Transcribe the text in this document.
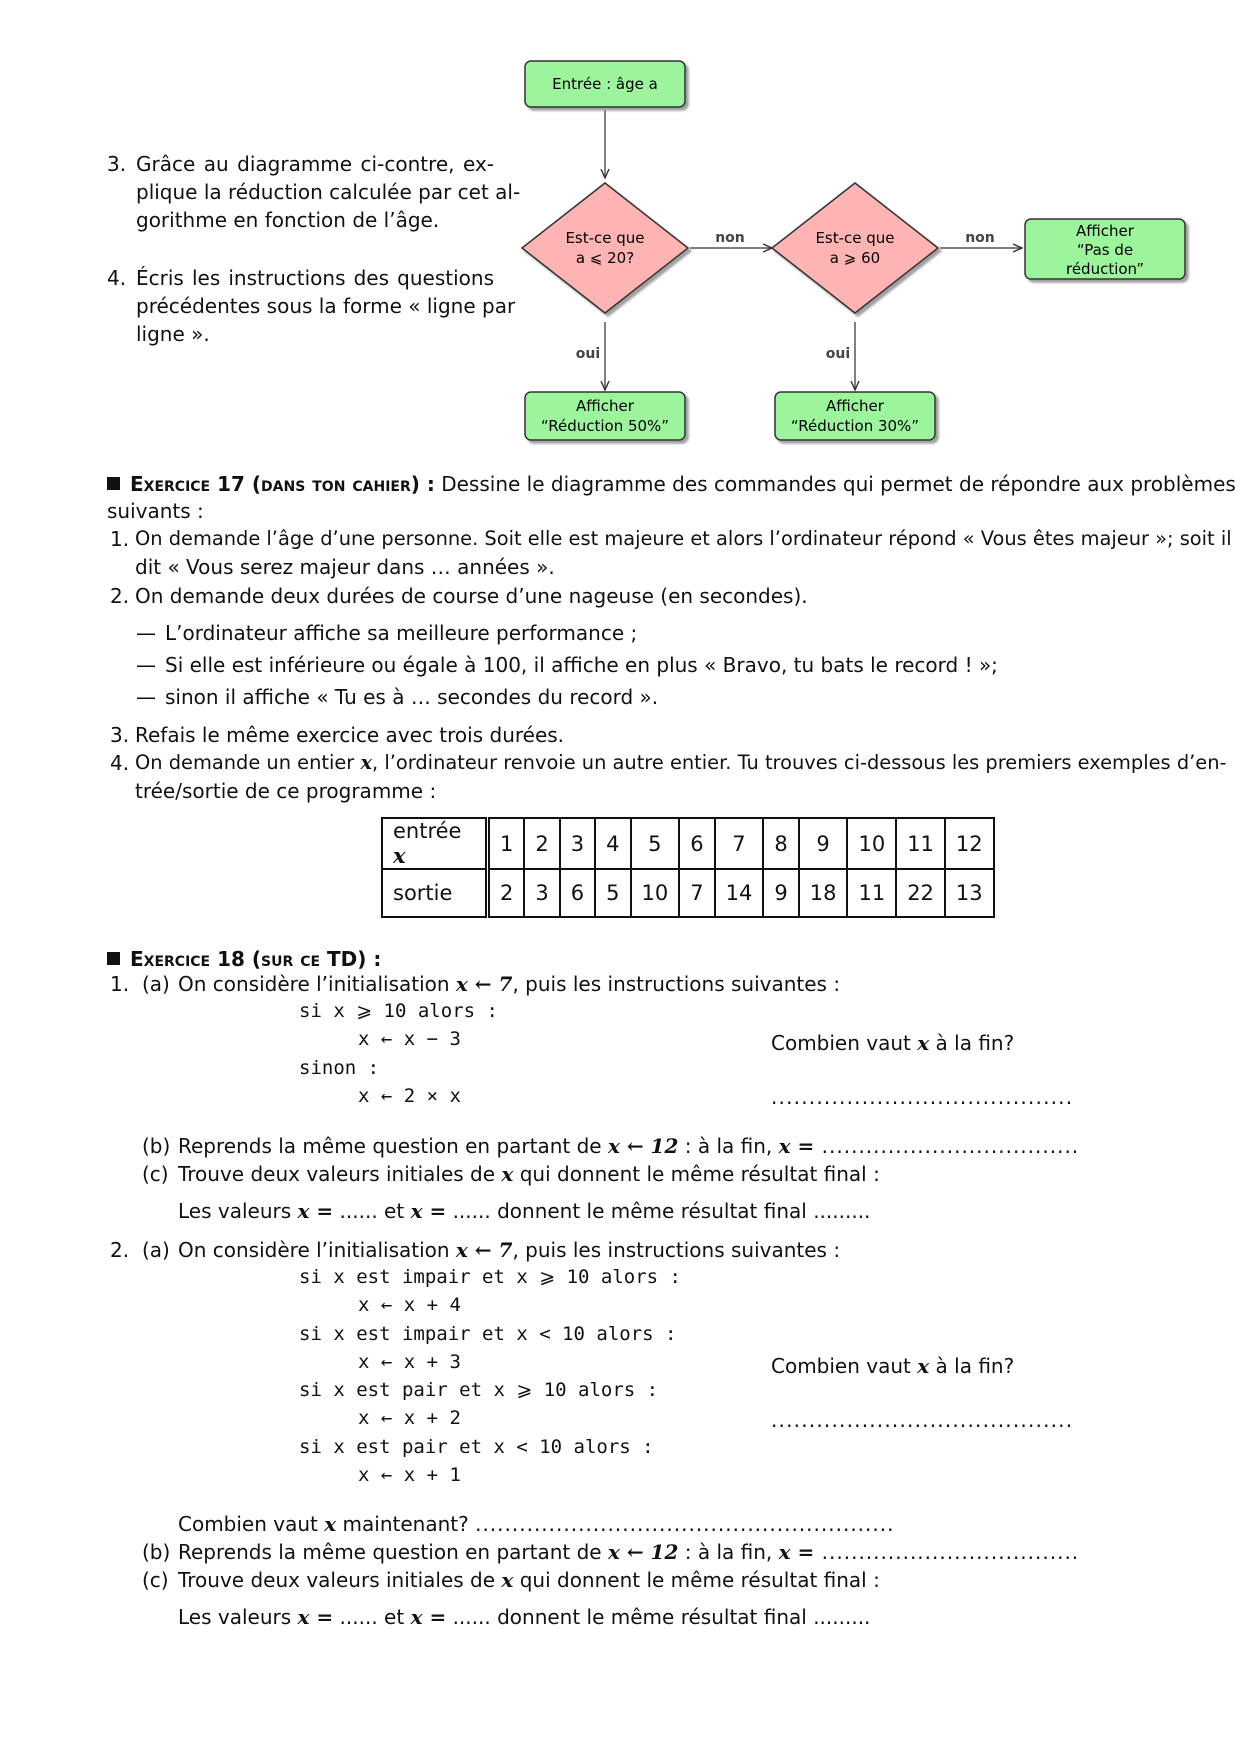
Entrée : âge a
Est-ce que
a ⩽ 20?
Est-ce que
a ⩾ 60
non	non
oui	oui
Afficher
“Pas de
réduction”
Afficher
“Réduction 50%”
Afficher
“Réduction 30%”
3. Grâce au diagramme ci-contre, ex-
plique la réduction calculée par cet al-
gorithme en fonction de l’âge.
4. Écris les instructions des questions
précédentes sous la forme « ligne par
ligne ».
Exercice 17 (dans ton cahier) : Dessine le diagramme des commandes qui permet de répondre aux problèmes
suivants :
1. On demande l’âge d’une personne. Soit elle est majeure et alors l’ordinateur répond « Vous êtes majeur »; soit il
dit « Vous serez majeur dans … années ».
2. On demande deux durées de course d’une nageuse (en secondes).
— L’ordinateur affiche sa meilleure performance ;
— Si elle est inférieure ou égale à 100, il affiche en plus « Bravo, tu bats le record ! »;
— sinon il affiche « Tu es à … secondes du record ».
3. Refais le même exercice avec trois durées.
4. On demande un entier x, l’ordinateur renvoie un autre entier. Tu trouves ci-dessous les premiers exemples d’en-
trée/sortie de ce programme :
entrée x	1	2	3	4	5	6	7	8	9	10	11	12
sortie	2	3	6	5	10	7	14	9	18	11	22	13
Exercice 18 (sur ce TD) :
1. (a) On considère l’initialisation x ← 7, puis les instructions suivantes :
si x ⩾ 10 alors :
x ← x − 3
sinon :
x ← 2 × x
Combien vaut x à la fin?
........................................
(b) Reprends la même question en partant de x ← 12 : à la fin, x = ...................................
(c) Trouve deux valeurs initiales de x qui donnent le même résultat final :
Les valeurs x = ...... et x = ...... donnent le même résultat final .........
2. (a) On considère l’initialisation x ← 7, puis les instructions suivantes :
si x est impair et x ⩾ 10 alors :
x ← x + 4
si x est impair et x < 10 alors :
x ← x + 3
si x est pair et x ⩾ 10 alors :
x ← x + 2
si x est pair et x < 10 alors :
x ← x + 1
Combien vaut x à la fin?
........................................
Combien vaut x maintenant? .........................................................
(b) Reprends la même question en partant de x ← 12 : à la fin, x = ...................................
(c) Trouve deux valeurs initiales de x qui donnent le même résultat final :
Les valeurs x = ...... et x = ...... donnent le même résultat final .........
